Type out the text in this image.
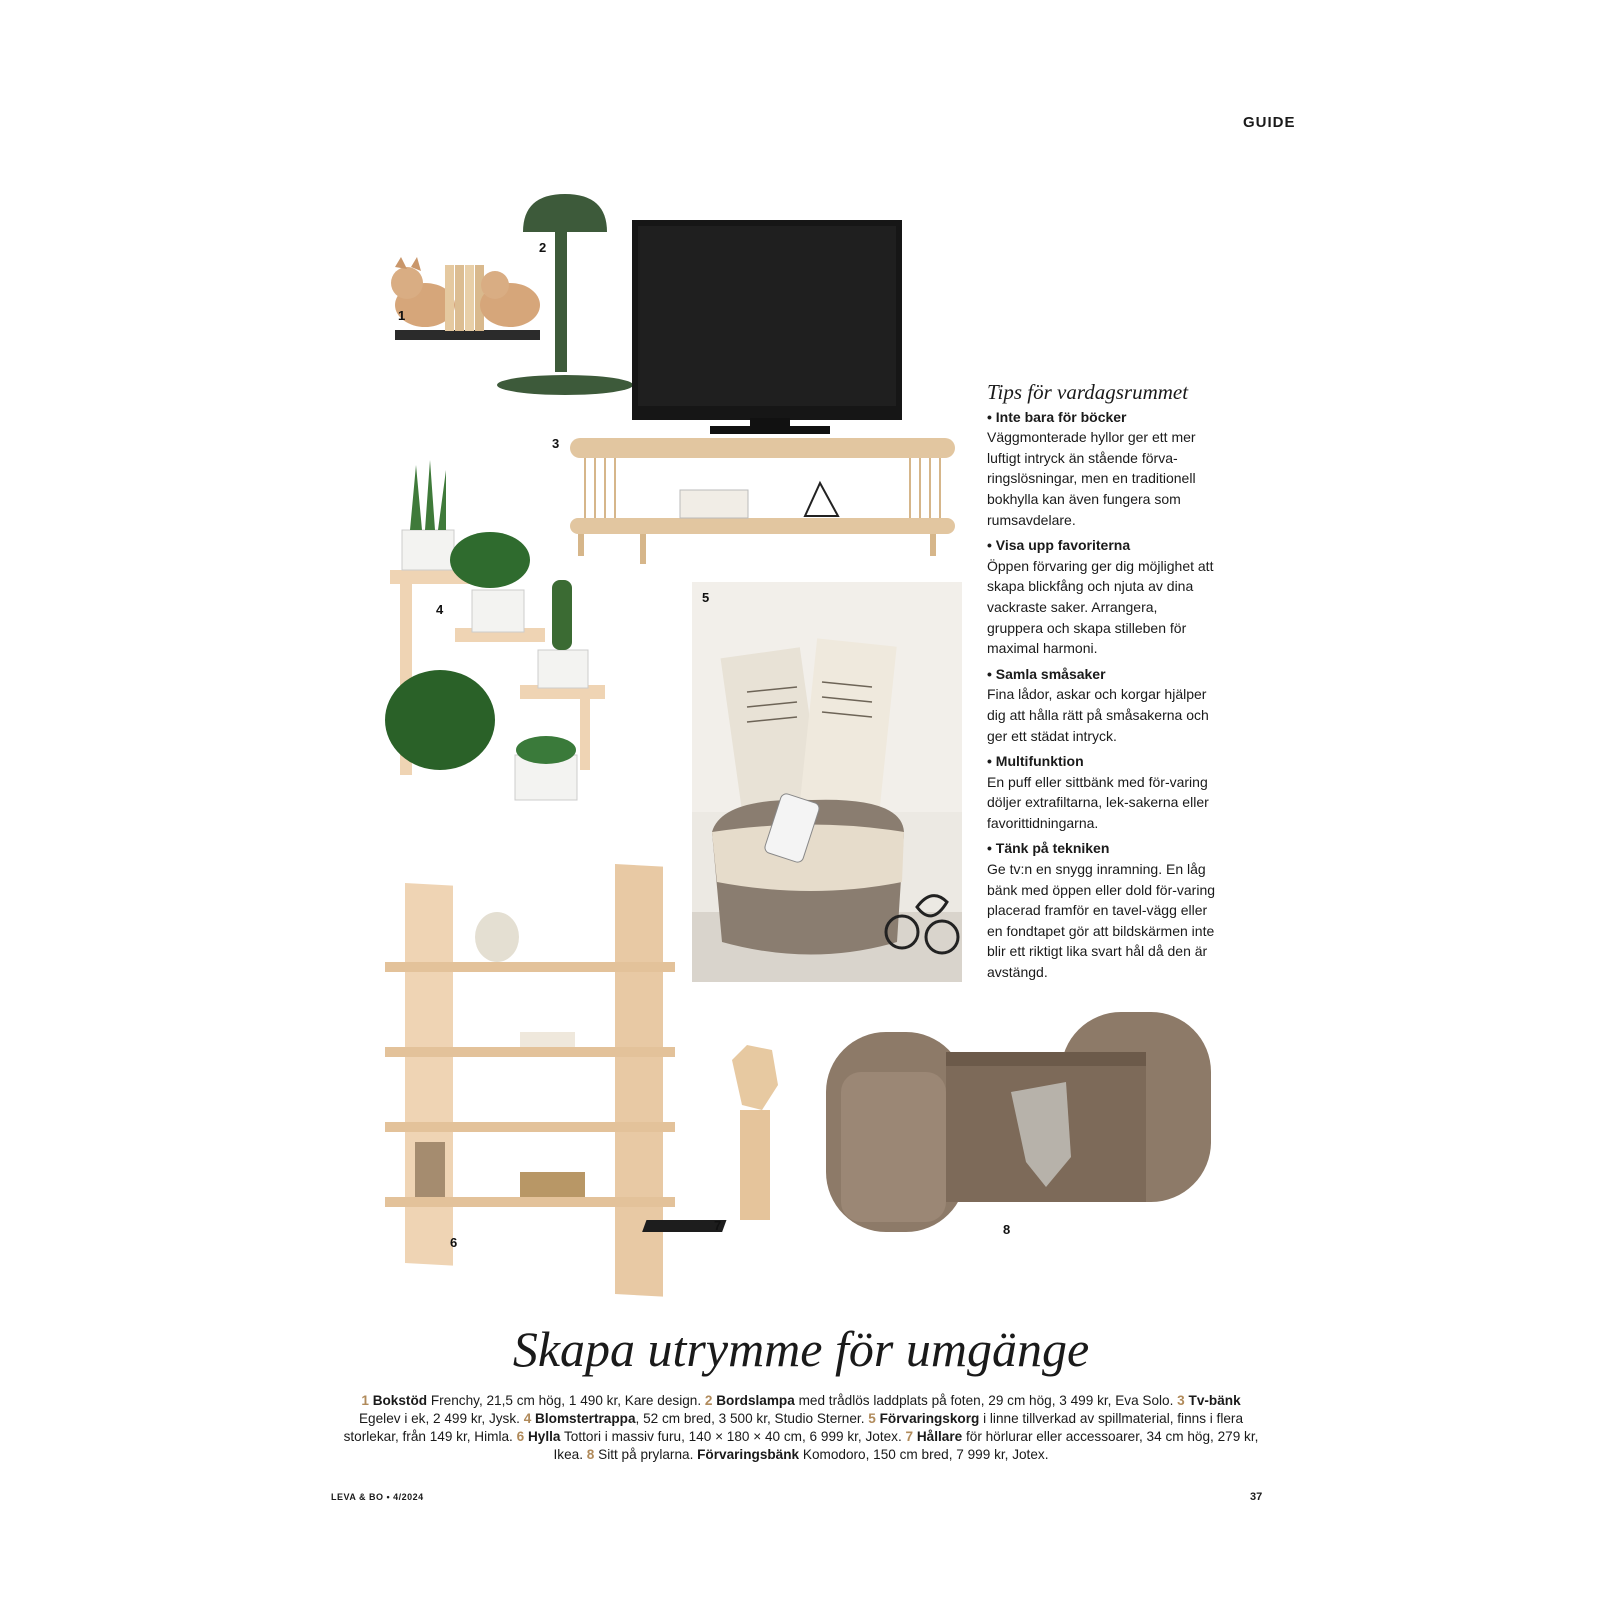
GUIDE
1
2
3
4
5
6
7	8
Tips för vardagsrummet
• Inte bara för böcker
Väggmonterade hyllor ger ett mer luftigt intryck än stående förva-ringslösningar, men en traditionell bokhylla kan även fungera som rumsavdelare.
• Visa upp favoriterna
Öppen förvaring ger dig möjlighet att skapa blickfång och njuta av dina vackraste saker. Arrangera, gruppera och skapa stilleben för maximal harmoni.
• Samla småsaker
Fina lådor, askar och korgar hjälper dig att hålla rätt på småsakerna och ger ett städat intryck.
• Multifunktion
En puff eller sittbänk med för-varing döljer extrafiltarna, lek-sakerna eller favorittidningarna.
• Tänk på tekniken
Ge tv:n en snygg inramning. En låg bänk med öppen eller dold för-varing placerad framför en tavel-vägg eller en fondtapet gör att bildskärmen inte blir ett riktigt lika svart hål då den är avstängd.
Skapa utrymme för umgänge
1 Bokstöd Frenchy, 21,5 cm hög, 1 490 kr, Kare design. 2 Bordslampa med trådlös laddplats på foten, 29 cm hög, 3 499 kr, Eva Solo. 3 Tv-bänk Egelev i ek, 2 499 kr, Jysk. 4 Blomstertrappa, 52 cm bred, 3 500 kr, Studio Sterner. 5 Förvaringskorg i linne tillverkad av spillmaterial, finns i flera storlekar, från 149 kr, Himla. 6 Hylla Tottori i massiv furu, 140 × 180 × 40 cm, 6 999 kr, Jotex. 7 Hållare för hörlurar eller accessoarer, 34 cm hög, 279 kr, Ikea. 8 Sitt på prylarna. Förvaringsbänk Komodoro, 150 cm bred, 7 999 kr, Jotex.
LEVA & BO • 4/2024	37
